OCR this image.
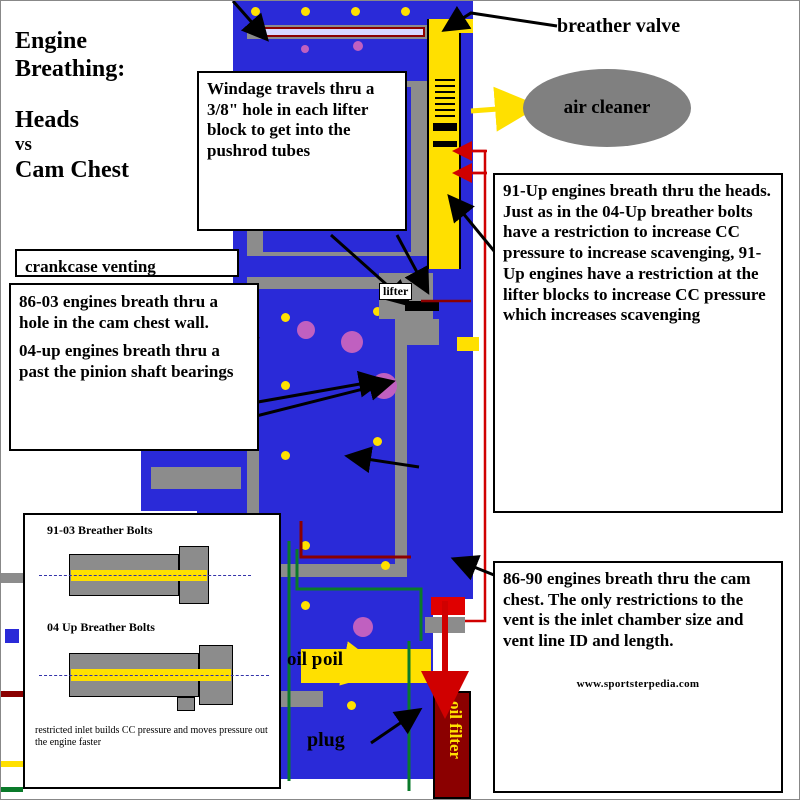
oil filter
Engine
Breathing:
Heads
vs
Cam Chest
crankcase venting
86-03 engines breath thru a hole in the cam chest wall.
04-up engines breath thru a past the pinion shaft bearings
Windage travels thru a 3/8" hole in each lifter block to get into the pushrod tubes
91-Up engines breath thru the heads. Just as in the 04-Up breather bolts have a restriction to increase CC pressure to increase scavenging, 91-Up engines have a restriction at the lifter blocks to increase CC pressure which increases scavenging
86-90 engines breath thru the cam chest. The only restrictions to the vent is the inlet chamber size and vent line ID and length.
www.sportsterpedia.com
breather valve
air cleaner
lifter
oil p oil
plug
91-03 Breather Bolts
04 Up Breather Bolts
restricted inlet builds CC pressure and moves pressure out the engine faster
